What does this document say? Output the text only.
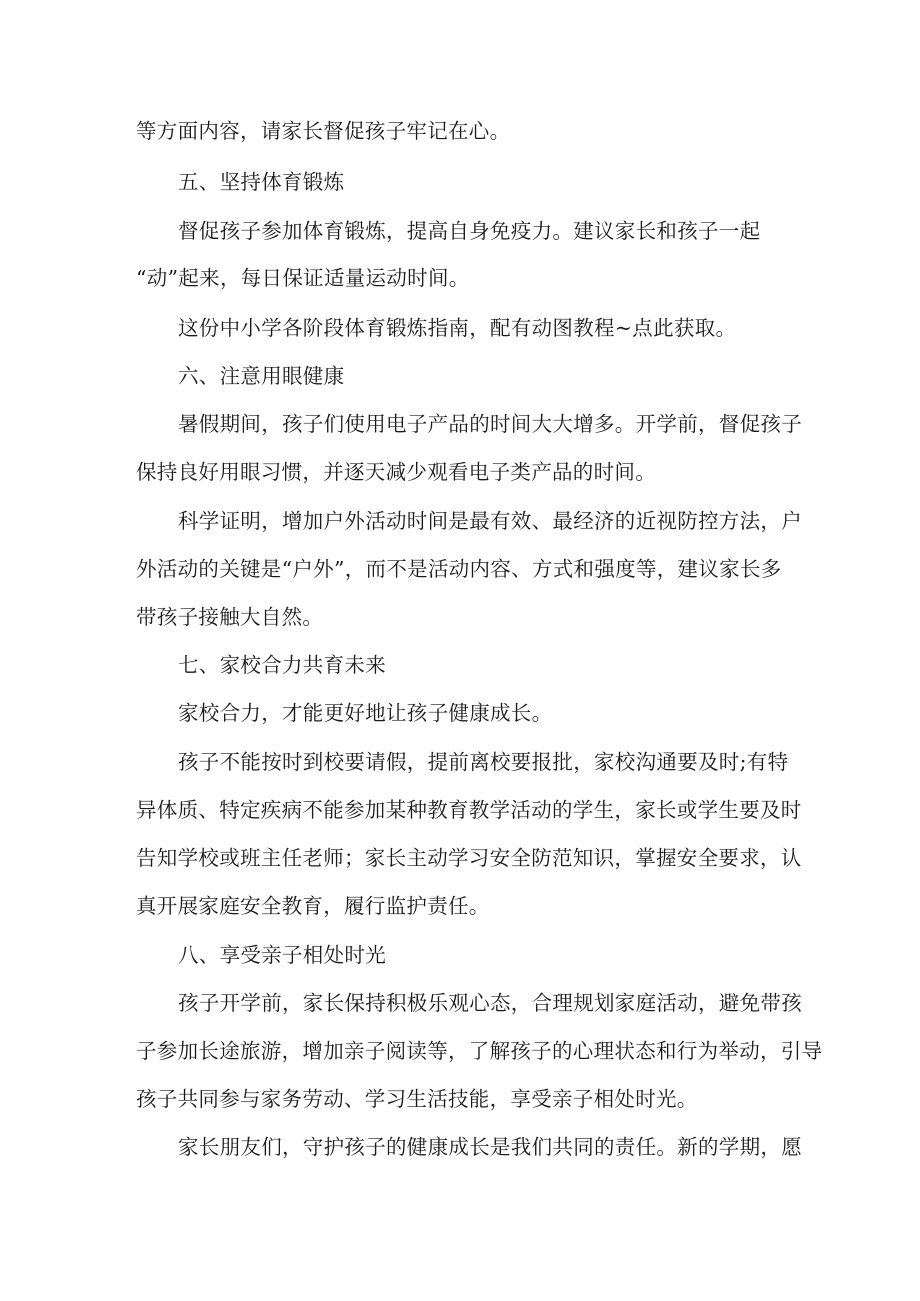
等方面内容，请家长督促孩子牢记在心。
五、坚持体育锻炼
督促孩子参加体育锻炼，提高自身免疫力。建议家长和孩子一起
“动”起来，每日保证适量运动时间。
这份中小学各阶段体育锻炼指南，配有动图教程~点此获取。
六、注意用眼健康
暑假期间，孩子们使用电子产品的时间大大增多。开学前，督促孩子
保持良好用眼习惯，并逐天减少观看电子类产品的时间。
科学证明，增加户外活动时间是最有效、最经济的近视防控方法，户
外活动的关键是“户外”，而不是活动内容、方式和强度等，建议家长多
带孩子接触大自然。
七、家校合力共育未来
家校合力，才能更好地让孩子健康成长。
孩子不能按时到校要请假，提前离校要报批，家校沟通要及时;有特
异体质、特定疾病不能参加某种教育教学活动的学生，家长或学生要及时
告知学校或班主任老师；家长主动学习安全防范知识，掌握安全要求，认
真开展家庭安全教育，履行监护责任。
八、享受亲子相处时光
孩子开学前，家长保持积极乐观心态，合理规划家庭活动，避免带孩
子参加长途旅游，增加亲子阅读等，了解孩子的心理状态和行为举动，引导
孩子共同参与家务劳动、学习生活技能，享受亲子相处时光。
家长朋友们，守护孩子的健康成长是我们共同的责任。新的学期，愿
